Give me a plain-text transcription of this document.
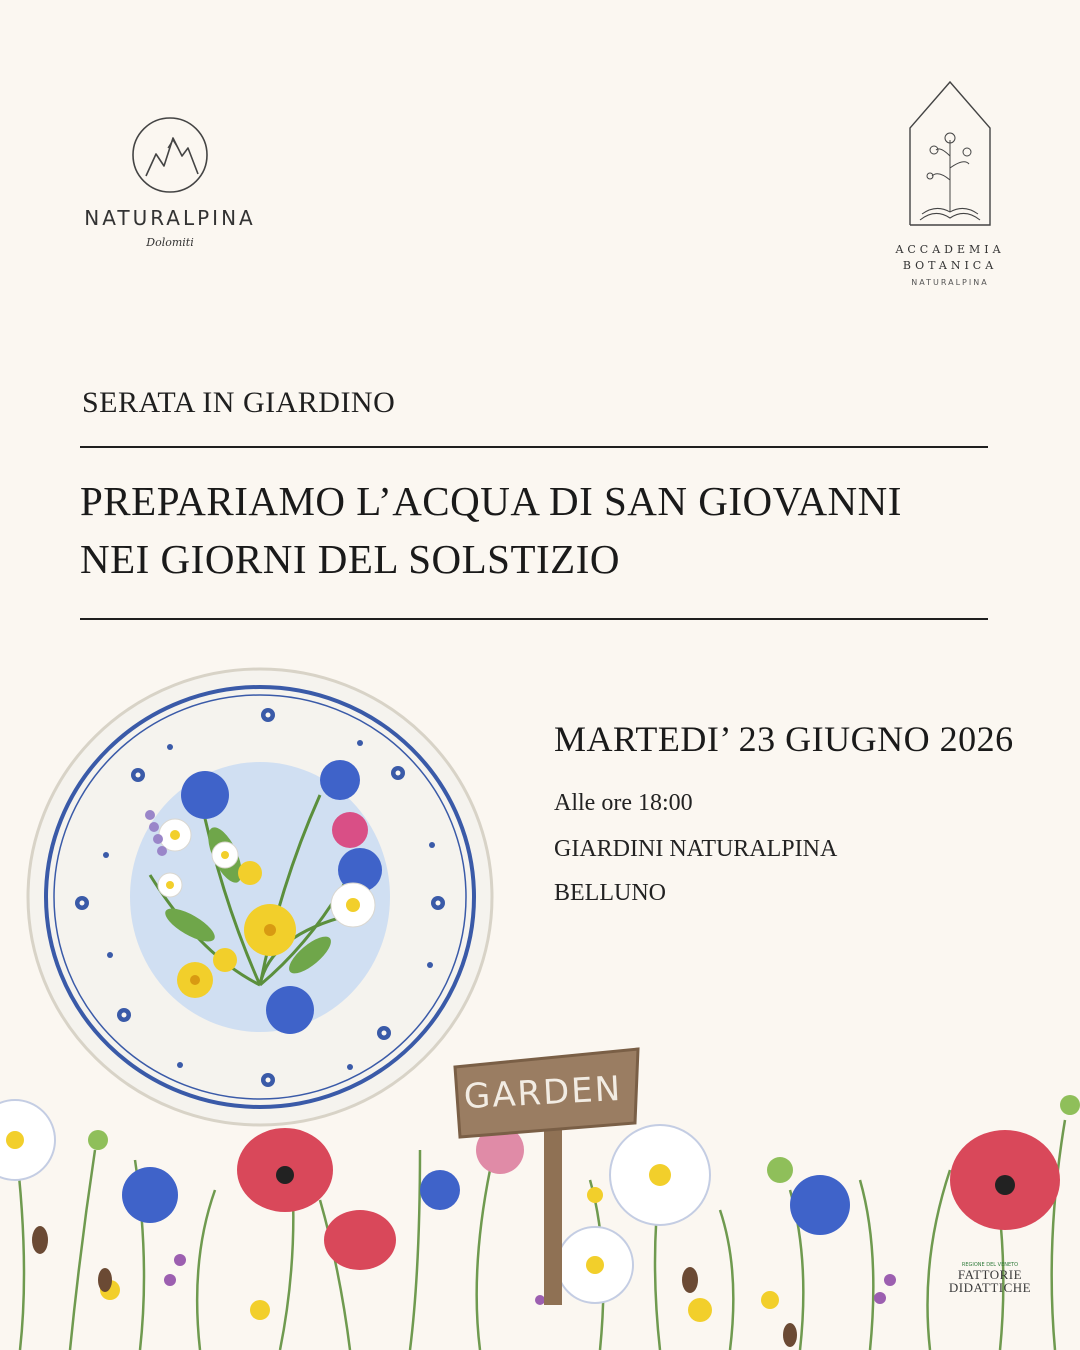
NATURALPINA
Dolomiti
ACCADEMIA
BOTANICA
NATURALPINA
SERATA IN GIARDINO
PREPARIAMO L’ACQUA DI SAN GIOVANNI
NEI GIORNI DEL SOLSTIZIO
MARTEDI’ 23 GIUGNO 2026
Alle ore 18:00
GIARDINI NATURALPINA
BELLUNO
GARDEN
REGIONE DEL VENETO
FATTORIE
DIDATTICHE
